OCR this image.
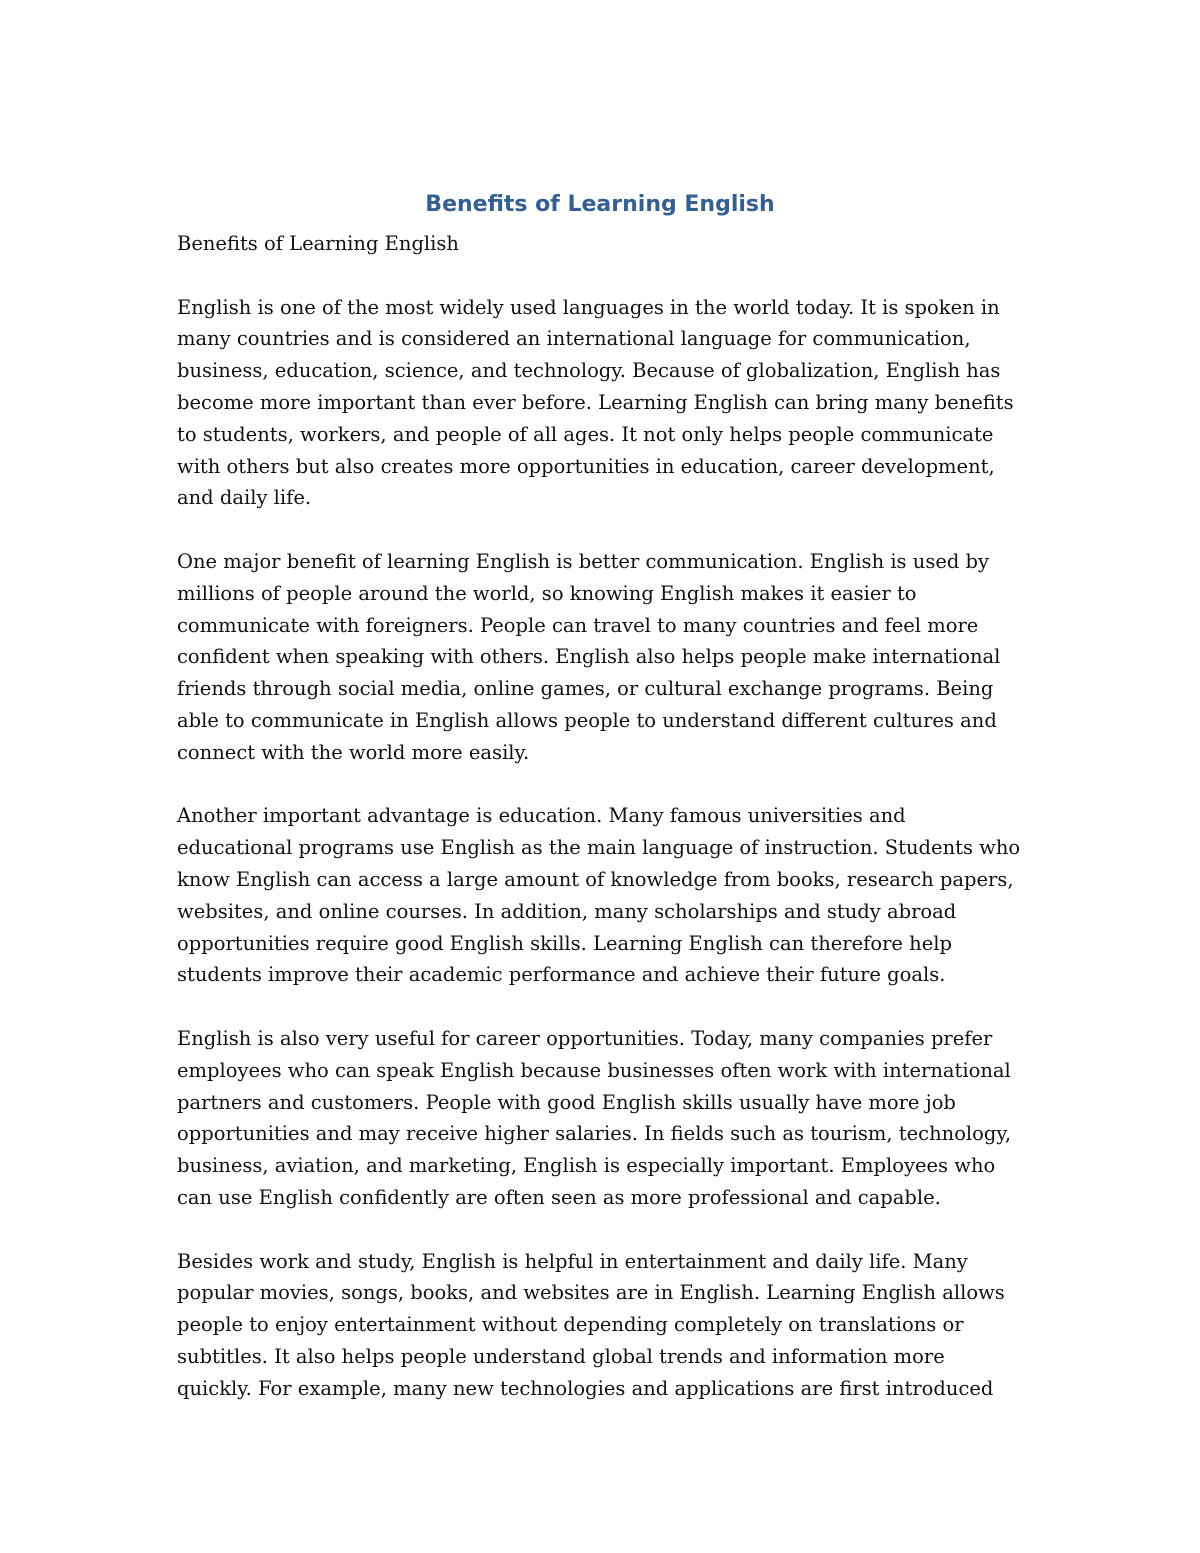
Benefits of Learning English
Benefits of Learning English
English is one of the most widely used languages in the world today. It is spoken in
many countries and is considered an international language for communication,
business, education, science, and technology. Because of globalization, English has
become more important than ever before. Learning English can bring many benefits
to students, workers, and people of all ages. It not only helps people communicate
with others but also creates more opportunities in education, career development,
and daily life.
One major benefit of learning English is better communication. English is used by
millions of people around the world, so knowing English makes it easier to
communicate with foreigners. People can travel to many countries and feel more
confident when speaking with others. English also helps people make international
friends through social media, online games, or cultural exchange programs. Being
able to communicate in English allows people to understand different cultures and
connect with the world more easily.
Another important advantage is education. Many famous universities and
educational programs use English as the main language of instruction. Students who
know English can access a large amount of knowledge from books, research papers,
websites, and online courses. In addition, many scholarships and study abroad
opportunities require good English skills. Learning English can therefore help
students improve their academic performance and achieve their future goals.
English is also very useful for career opportunities. Today, many companies prefer
employees who can speak English because businesses often work with international
partners and customers. People with good English skills usually have more job
opportunities and may receive higher salaries. In fields such as tourism, technology,
business, aviation, and marketing, English is especially important. Employees who
can use English confidently are often seen as more professional and capable.
Besides work and study, English is helpful in entertainment and daily life. Many
popular movies, songs, books, and websites are in English. Learning English allows
people to enjoy entertainment without depending completely on translations or
subtitles. It also helps people understand global trends and information more
quickly. For example, many new technologies and applications are first introduced
